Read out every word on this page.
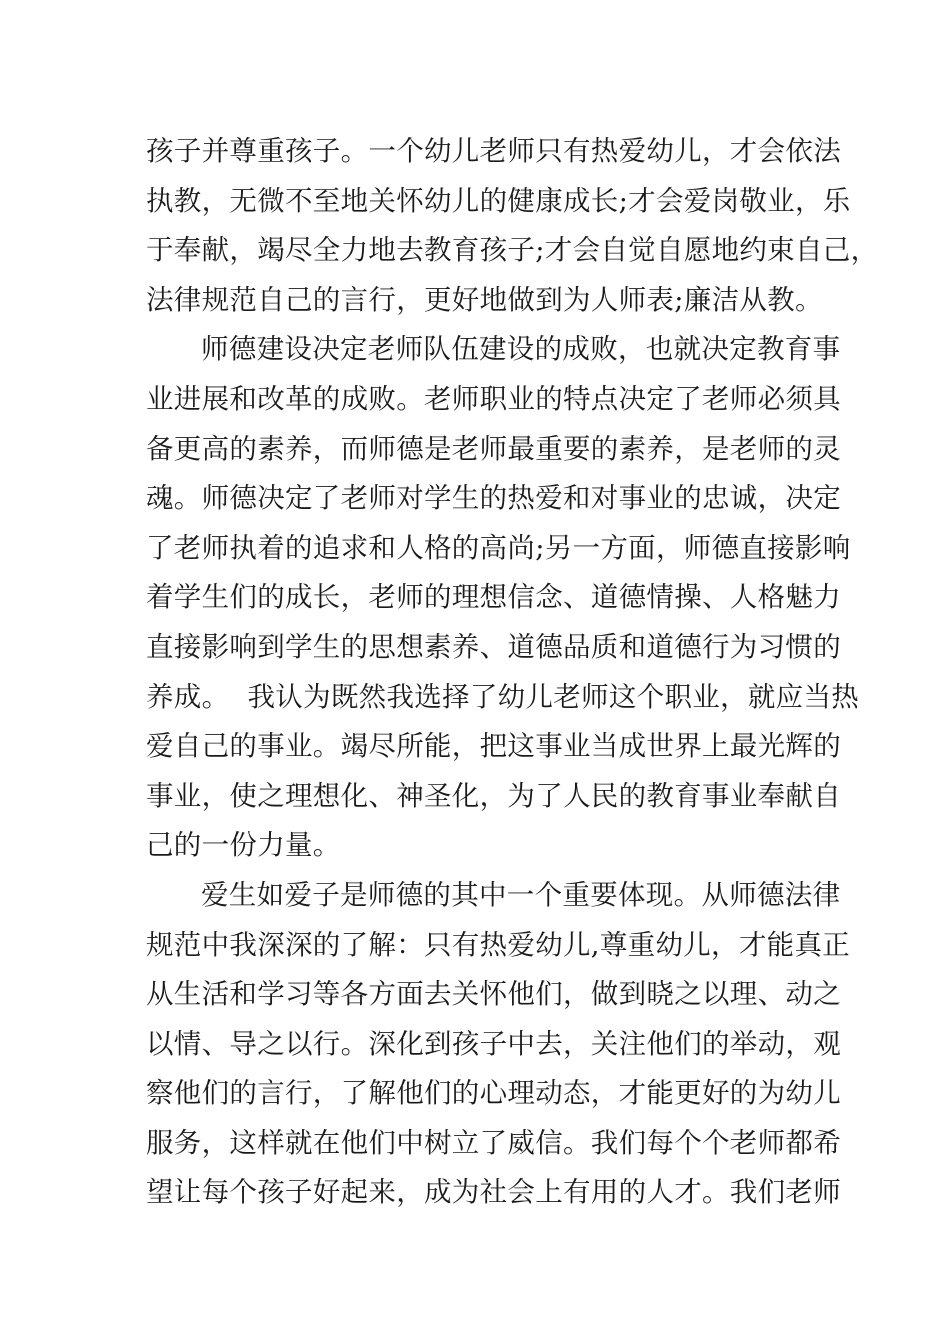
孩子并尊重孩子。一个幼儿老师只有热爱幼儿，才会依法
执教，无微不至地关怀幼儿的健康成长;才会爱岗敬业，乐
于奉献，竭尽全力地去教育孩子;才会自觉自愿地约束自己，
法律规范自己的言行，更好地做到为人师表;廉洁从教。
师德建设决定老师队伍建设的成败，也就决定教育事
业进展和改革的成败。老师职业的特点决定了老师必须具
备更高的素养，而师德是老师最重要的素养，是老师的灵
魂。师德决定了老师对学生的热爱和对事业的忠诚，决定
了老师执着的追求和人格的高尚;另一方面，师德直接影响
着学生们的成长，老师的理想信念、道德情操、人格魅力
直接影响到学生的思想素养、道德品质和道德行为习惯的
养成。  我认为既然我选择了幼儿老师这个职业，就应当热
爱自己的事业。竭尽所能，把这事业当成世界上最光辉的
事业，使之理想化、神圣化，为了人民的教育事业奉献自
己的一份力量。
爱生如爱子是师德的其中一个重要体现。从师德法律
规范中我深深的了解：只有热爱幼儿,尊重幼儿，才能真正
从生活和学习等各方面去关怀他们，做到晓之以理、动之
以情、导之以行。深化到孩子中去，关注他们的举动，观
察他们的言行，了解他们的心理动态，才能更好的为幼儿
服务，这样就在他们中树立了威信。我们每个个老师都希
望让每个孩子好起来，成为社会上有用的人才。我们老师
